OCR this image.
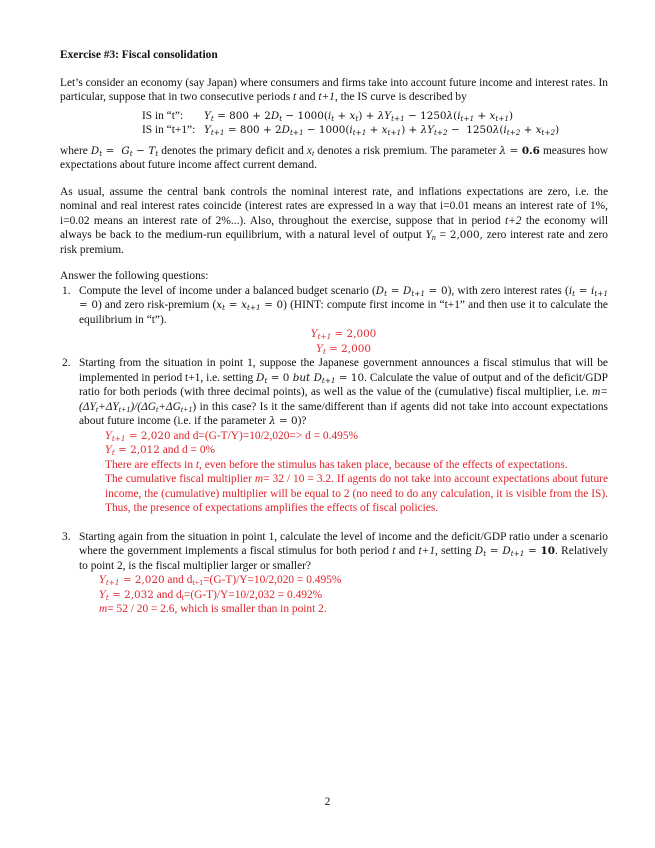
Exercise #3: Fiscal consolidation

Let’s consider an economy (say Japan) where consumers and firms take into account future income and interest rates. In particular, suppose that in two consecutive periods t and t+1, the IS curve is described by

IS in “t”:	$Y_t = 800 + 2D_t - 1000(i_t + x_t) + \lambda Y_{t+1} - 1250\lambda(i_{t+1} + x_{t+1})$
IS in “t+1”: $Y_{t+1} = 800 + 2D_{t+1} - 1000(i_{t+1} + x_{t+1}) + \lambda Y_{t+2} - 1250\lambda(i_{t+2} + x_{t+2})$

where $D_t = G_t - T_t$ denotes the primary deficit and $x_t$ denotes a risk premium. The parameter λ = 0.6 measures how expectations about future income affect current demand.

As usual, assume the central bank controls the nominal interest rate, and inflations expectations are zero, i.e. the nominal and real interest rates coincide (interest rates are expressed in a way that i=0.01 means an interest rate of 1%, i=0.02 means an interest rate of 2%...). Also, throughout the exercise, suppose that in period t+2 the economy will always be back to the medium-run equilibrium, with a natural level of output $Y_n = 2,000$, zero interest rate and zero risk premium.

Answer the following questions:

1. Compute the level of income under a balanced budget scenario $(D_t = D_{t+1} = 0)$, with zero interest rates $(i_t = i_{t+1} = 0)$ and zero risk-premium $(x_t = x_{t+1} = 0)$ (HINT: compute first income in “t+1” and then use it to calculate the equilibrium in “t”).
$Y_{t+1} = 2,000$
$Y_t = 2,000$
2. Starting from the situation in point 1, suppose the Japanese government announces a fiscal stimulus that will be implemented in period t+1, i.e. setting $D_t = 0$ but $D_{t+1} = 10$. Calculate the value of output and of the deficit/GDP ratio for both periods (with three decimal points), as well as the value of the (cumulative) fiscal multiplier, i.e. $m=(\Delta Y_t+\Delta Y_{t+1})/(\Delta G_t+\Delta G_{t+1})$ in this case? Is it the same/different than if agents did not take into account expectations about future income (i.e. if the parameter λ = 0)?

$Y_{t+1} = 2,020$ and d=(G-T/Y)=10/2,020=> d = 0.495%

$Y_t = 2,012$ and d = 0%

There are effects in t, even before the stimulus has taken place, because of the effects of expectations.

The cumulative fiscal multiplier m= 32 / 10 = 3.2. If agents do not take into account expectations about future income, the (cumulative) multiplier will be equal to 2 (no need to do any calculation, it is visible from the IS). Thus, the presence of expectations amplifies the effects of fiscal policies.

3. Starting again from the situation in point 1, calculate the level of income and the deficit/GDP ratio under a scenario where the government implements a fiscal stimulus for both period t and t+1, setting $D_t = D_{t+1} = 10$. Relatively to point 2, is the fiscal multiplier larger or smaller?

$Y_{t+1} = 2,020$ and $d_{t+1}=(G-T)/Y=10/2,020 = 0.495\%$

$Y_t = 2,032$ and $d_t=(G-T)/Y=10/2,032 = 0.492\%$

m= 52 / 20 = 2.6, which is smaller than in point 2.

2
